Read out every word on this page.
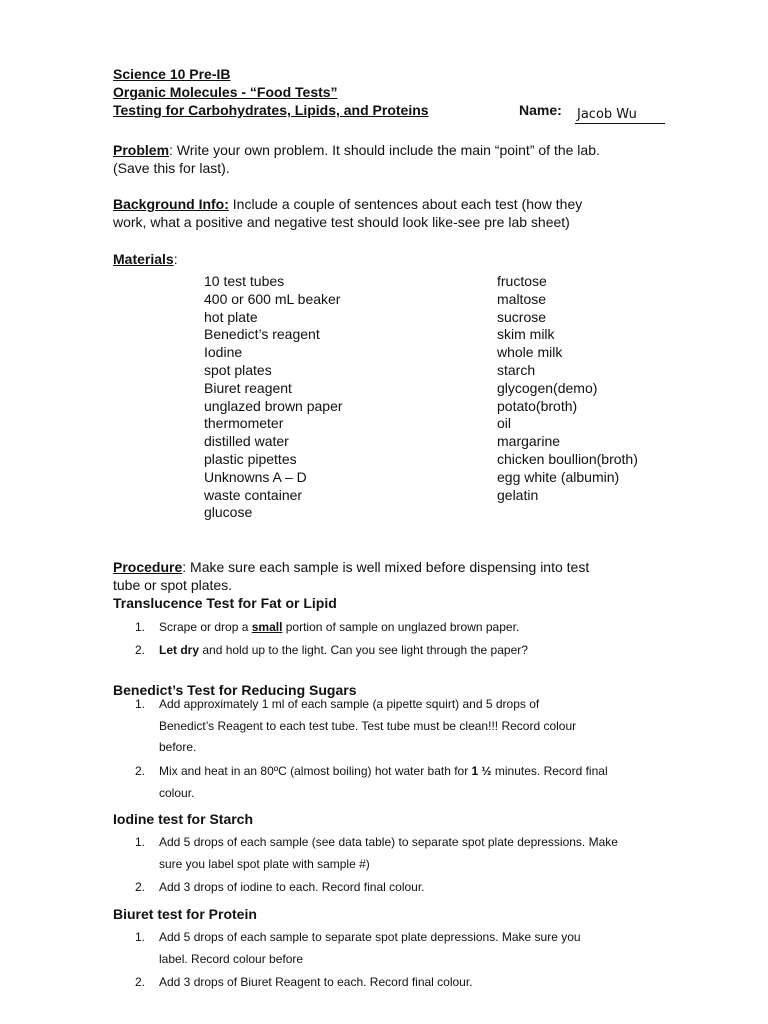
Science 10 Pre-IB
Organic Molecules - “Food Tests”
Testing for Carbohydrates, Lipids, and Proteins	Name: Jacob Wu
Problem: Write your own problem. It should include the main “point” of the lab.
(Save this for last).
Background Info: Include a couple of sentences about each test (how they
work, what a positive and negative test should look like-see pre lab sheet)
Materials:
10 test tubes
400 or 600 mL beaker
hot plate
Benedict’s reagent
Iodine
spot plates
Biuret reagent
unglazed brown paper
thermometer
distilled water
plastic pipettes
Unknowns A – D
waste container
glucose
fructose
maltose
sucrose
skim milk
whole milk
starch
glycogen(demo)
potato(broth)
oil
margarine
chicken boullion(broth)
egg white (albumin)
gelatin
Procedure: Make sure each sample is well mixed before dispensing into test
tube or spot plates.
Translucence Test for Fat or Lipid
1.	Scrape or drop a small portion of sample on unglazed brown paper.
2.	Let dry and hold up to the light. Can you see light through the paper?
Benedict’s Test for Reducing Sugars
1.	Add approximately 1 ml of each sample (a pipette squirt) and 5 drops of
Benedict’s Reagent to each test tube. Test tube must be clean!!! Record colour
before.
2.	Mix and heat in an 80ºC (almost boiling) hot water bath for 1 ½ minutes. Record final
colour.
Iodine test for Starch
1.	Add 5 drops of each sample (see data table) to separate spot plate depressions. Make
sure you label spot plate with sample #)
2.	Add 3 drops of iodine to each. Record final colour.
Biuret test for Protein
1.	Add 5 drops of each sample to separate spot plate depressions. Make sure you
label. Record colour before
2.	Add 3 drops of Biuret Reagent to each. Record final colour.
